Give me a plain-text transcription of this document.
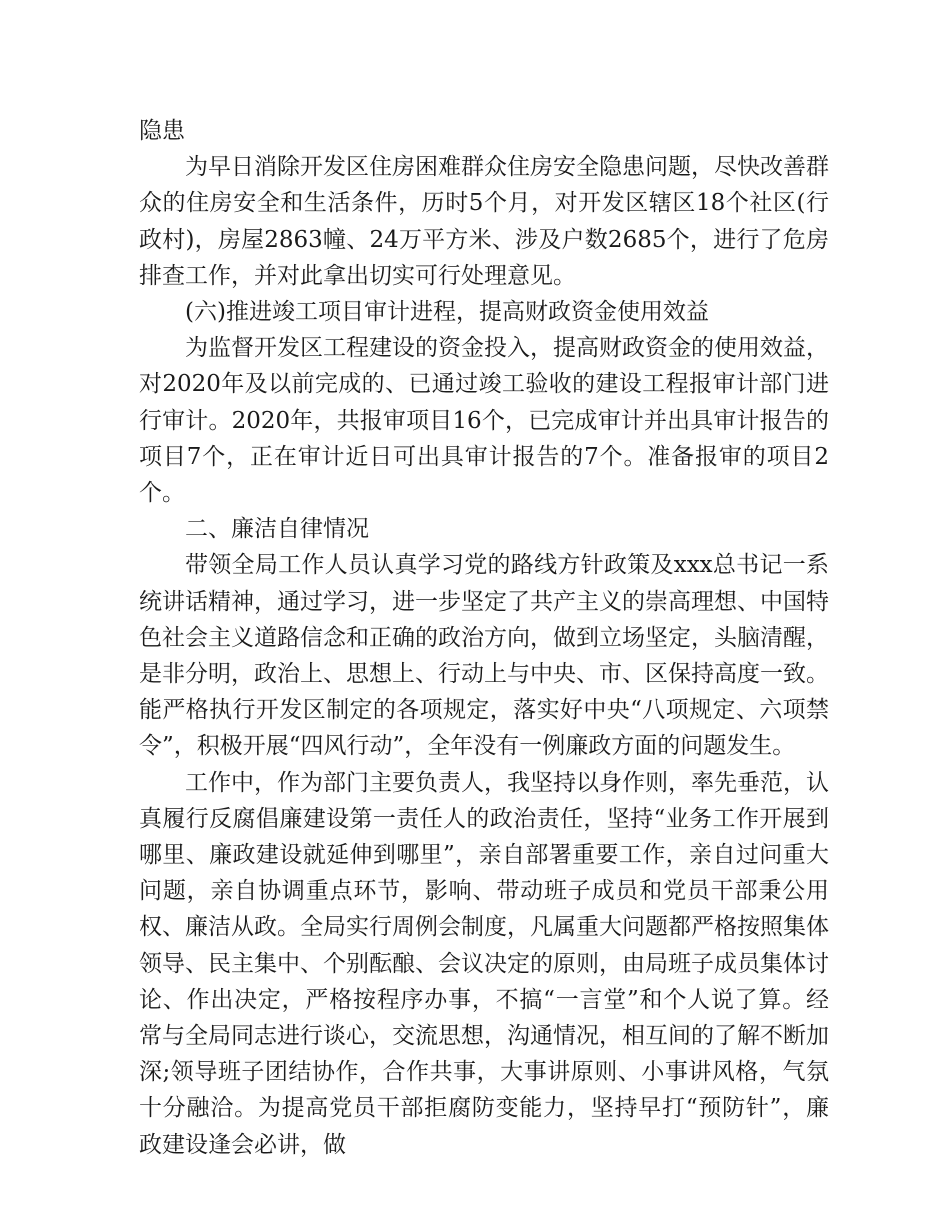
隐患

为早日消除开发区住房困难群众住房安全隐患问题，尽快改善群众的住房安全和生活条件，历时5个月，对开发区辖区18个社区(行政村)，房屋2863幢、24万平方米、涉及户数2685个，进行了危房排查工作，并对此拿出切实可行处理意见。

(六)推进竣工项目审计进程，提高财政资金使用效益

为监督开发区工程建设的资金投入，提高财政资金的使用效益，对2020年及以前完成的、已通过竣工验收的建设工程报审计部门进行审计。2020年，共报审项目16个，已完成审计并出具审计报告的项目7个，正在审计近日可出具审计报告的7个。准备报审的项目2个。

二、廉洁自律情况

带领全局工作人员认真学习党的路线方针政策及xxx总书记一系统讲话精神，通过学习，进一步坚定了共产主义的崇高理想、中国特色社会主义道路信念和正确的政治方向，做到立场坚定，头脑清醒，是非分明，政治上、思想上、行动上与中央、市、区保持高度一致。能严格执行开发区制定的各项规定，落实好中央“八项规定、六项禁令”，积极开展“四风行动”，全年没有一例廉政方面的问题发生。

工作中，作为部门主要负责人，我坚持以身作则，率先垂范，认真履行反腐倡廉建设第一责任人的政治责任，坚持“业务工作开展到哪里、廉政建设就延伸到哪里”，亲自部署重要工作，亲自过问重大问题，亲自协调重点环节，影响、带动班子成员和党员干部秉公用权、廉洁从政。全局实行周例会制度，凡属重大问题都严格按照集体领导、民主集中、个别酝酿、会议决定的原则，由局班子成员集体讨论、作出决定，严格按程序办事，不搞“一言堂”和个人说了算。经常与全局同志进行谈心，交流思想，沟通情况，相互间的了解不断加深;领导班子团结协作，合作共事，大事讲原则、小事讲风格，气氛十分融洽。为提高党员干部拒腐防变能力，坚持早打“预防针”，廉政建设逢会必讲，做
